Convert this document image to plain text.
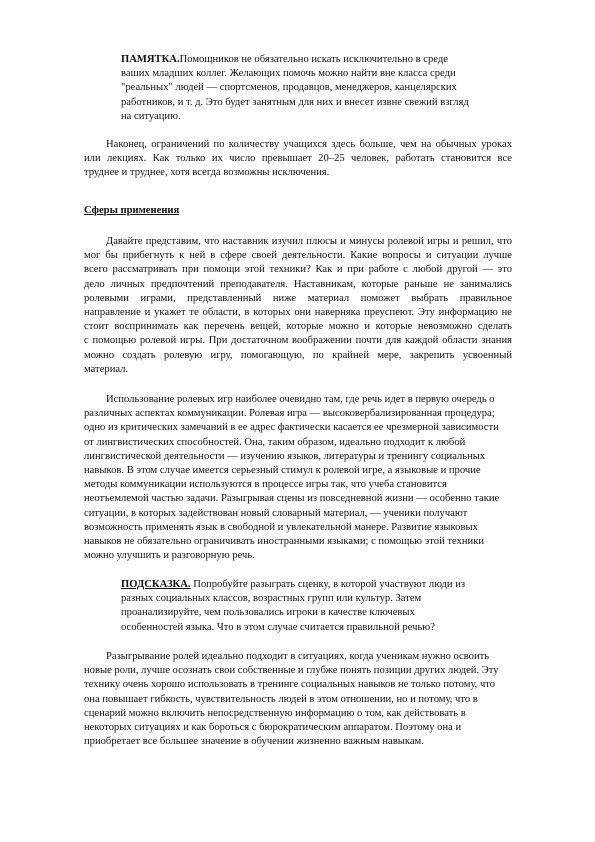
ПАМЯТКА.Помощников не обязательно искать исключительно в среде
ваших младших коллег. Желающих помочь можно найти вне класса среди
"реальных" людей — спортсменов, продавцов, менеджеров, канцелярских
работников, и т. д. Это будет занятным для них и внесет извне свежий взгляд
на ситуацию.
Наконец, ограничений по количеству учащихся здесь больше, чем на обычных уроках
или лекциях. Как только их число превышает 20–25 человек, работать становится все
труднее и труднее, хотя всегда возможны исключения.
Сферы применения
Давайте представим, что наставник изучил плюсы и минусы ролевой игры и решил, что
мог бы прибегнуть к ней в сфере своей деятельности. Какие вопросы и ситуации лучше
всего рассматривать при помощи этой техники? Как и при работе с любой другой — это
дело личных предпочтений преподавателя. Наставникам, которые раньше не занимались
ролевыми играми, представленный ниже материал поможет выбрать правильное
направление и укажет те области, в которых они наверняка преуспеют. Эту информацию не
стоит воспринимать как перечень вещей, которые можно и которые невозможно сделать
с помощью ролевой игры. При достаточном воображении почти для каждой области знания
можно создать ролевую игру, помогающую, по крайней мере, закрепить усвоенный
материал.
Использование ролевых игр наиболее очевидно там, где речь идет в первую очередь о
различных аспектах коммуникации. Ролевая игра — высоковербализированная процедура;
одно из критических замечаний в ее адрес фактически касается ее чрезмерной зависимости
от лингвистических способностей. Она, таким образом, идеально подходит к любой
лингвистической деятельности — изучению языков, литературы и тренингу социальных
навыков. В этом случае имеется серьезный стимул к ролевой игре, а языковые и прочие
методы коммуникации используются в процессе игры так, что учеба становится
неотъемлемой частью задачи. Разыгрывая сцены из повседневной жизни — особенно такие
ситуации, в которых задействован новый словарный материал, — ученики получают
возможность применять язык в свободной и увлекательной манере. Развитие языковых
навыков не обязательно ограничивать иностранными языками; с помощью этой техники
можно улучшить и разговорную речь.
ПОДСКАЗКА. Попробуйте разыграть сценку, в которой участвуют люди из
разных социальных классов, возрастных групп или культур. Затем
проанализируйте, чем пользовались игроки в качестве ключевых
особенностей языка. Что в этом случае считается правильной речью?
Разыгрывание ролей идеально подходит в ситуациях, когда ученикам нужно освоить
новые роли, лучше осознать свои собственные и глубже понять позиции других людей. Эту
технику очень хорошо использовать в тренинге социальных навыков не только потому, что
она повышает гибкость, чувствительность людей в этом отношении, но и потому, что в
сценарий можно включить непосредственную информацию о том, как действовать в
некоторых ситуациях и как бороться с бюрократическим аппаратом. Поэтому она и
приобретает все большее значение в обучении жизненно важным навыкам.
